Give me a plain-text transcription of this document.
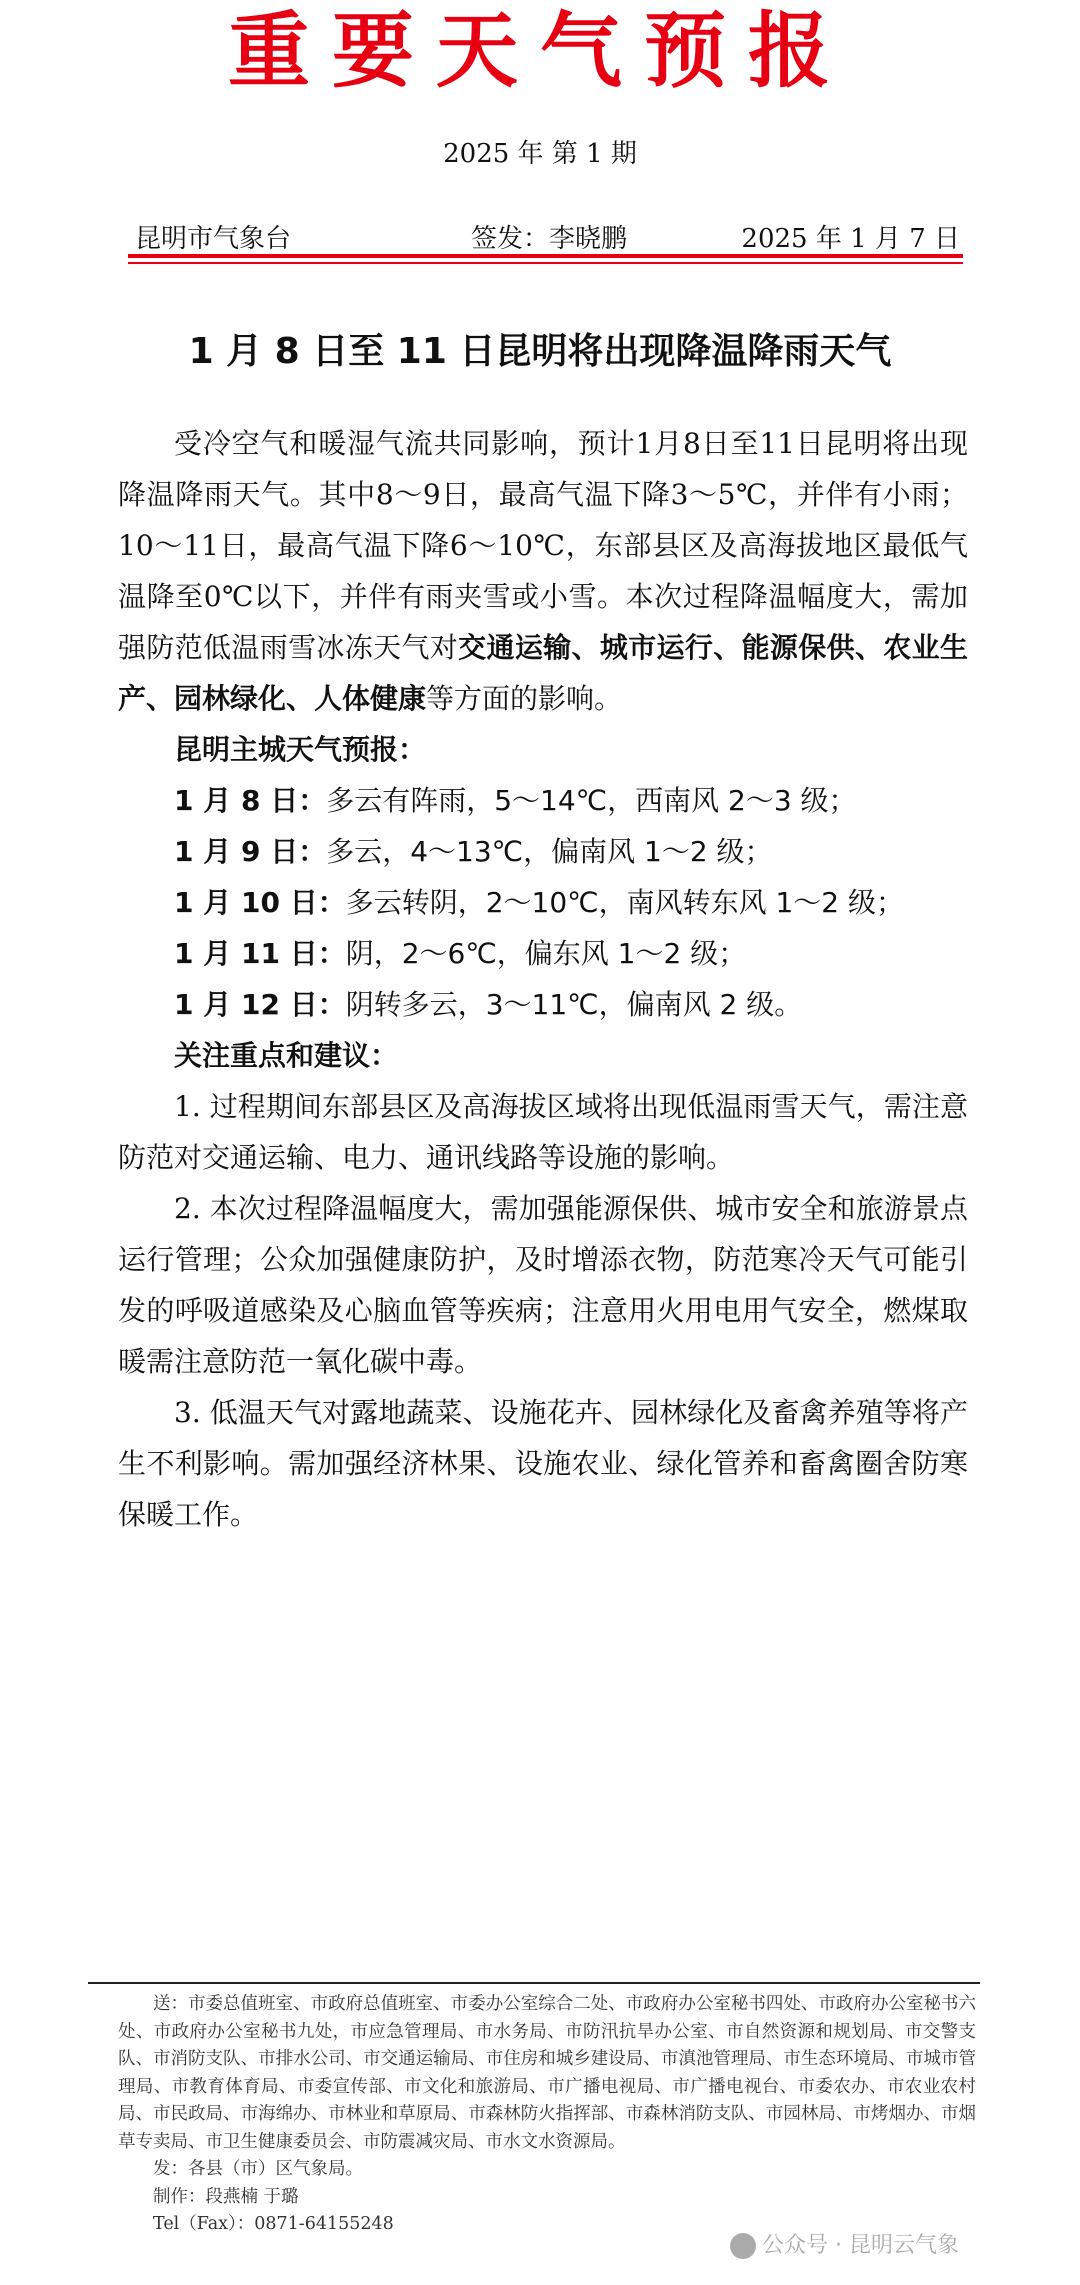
重要天气预报
2025 年 第 1 期
昆明市气象台	签发：李晓鹏	2025 年 1 月 7 日
1 月 8 日至 11 日昆明将出现降温降雨天气

受冷空气和暖湿气流共同影响，预计1月8日至11日昆明将出现降温降雨天气。其中8～9日，最高气温下降3～5℃，并伴有小雨；10～11日，最高气温下降6～10℃，东部县区及高海拔地区最低气温降至0℃以下，并伴有雨夹雪或小雪。本次过程降温幅度大，需加强防范低温雨雪冰冻天气对交通运输、城市运行、能源保供、农业生产、园林绿化、人体健康等方面的影响。

昆明主城天气预报：

1 月 8 日：多云有阵雨，5～14℃，西南风 2～3 级；

1 月 9 日：多云，4～13℃，偏南风 1～2 级；

1 月 10 日：多云转阴，2～10℃，南风转东风 1～2 级；

1 月 11 日：阴，2～6℃，偏东风 1～2 级；

1 月 12 日：阴转多云，3～11℃，偏南风 2 级。

关注重点和建议：

1. 过程期间东部县区及高海拔区域将出现低温雨雪天气，需注意防范对交通运输、电力、通讯线路等设施的影响。

2. 本次过程降温幅度大，需加强能源保供、城市安全和旅游景点运行管理；公众加强健康防护，及时增添衣物，防范寒冷天气可能引发的呼吸道感染及心脑血管等疾病；注意用火用电用气安全，燃煤取暖需注意防范一氧化碳中毒。

3. 低温天气对露地蔬菜、设施花卉、园林绿化及畜禽养殖等将产生不利影响。需加强经济林果、设施农业、绿化管养和畜禽圈舍防寒保暖工作。

送：市委总值班室、市政府总值班室、市委办公室综合二处、市政府办公室秘书四处、市政府办公室秘书六处、市政府办公室秘书九处，市应急管理局、市水务局、市防汛抗旱办公室、市自然资源和规划局、市交警支队、市消防支队、市排水公司、市交通运输局、市住房和城乡建设局、市滇池管理局、市生态环境局、市城市管理局、市教育体育局、市委宣传部、市文化和旅游局、市广播电视局、市广播电视台、市委农办、市农业农村局、市民政局、市海绵办、市林业和草原局、市森林防火指挥部、市森林消防支队、市园林局、市烤烟办、市烟草专卖局、市卫生健康委员会、市防震减灾局、市水文水资源局。
发：各县（市）区气象局。
制作：段燕楠 于璐
Tel（Fax）：0871-64155248
公众号 · 昆明云气象
